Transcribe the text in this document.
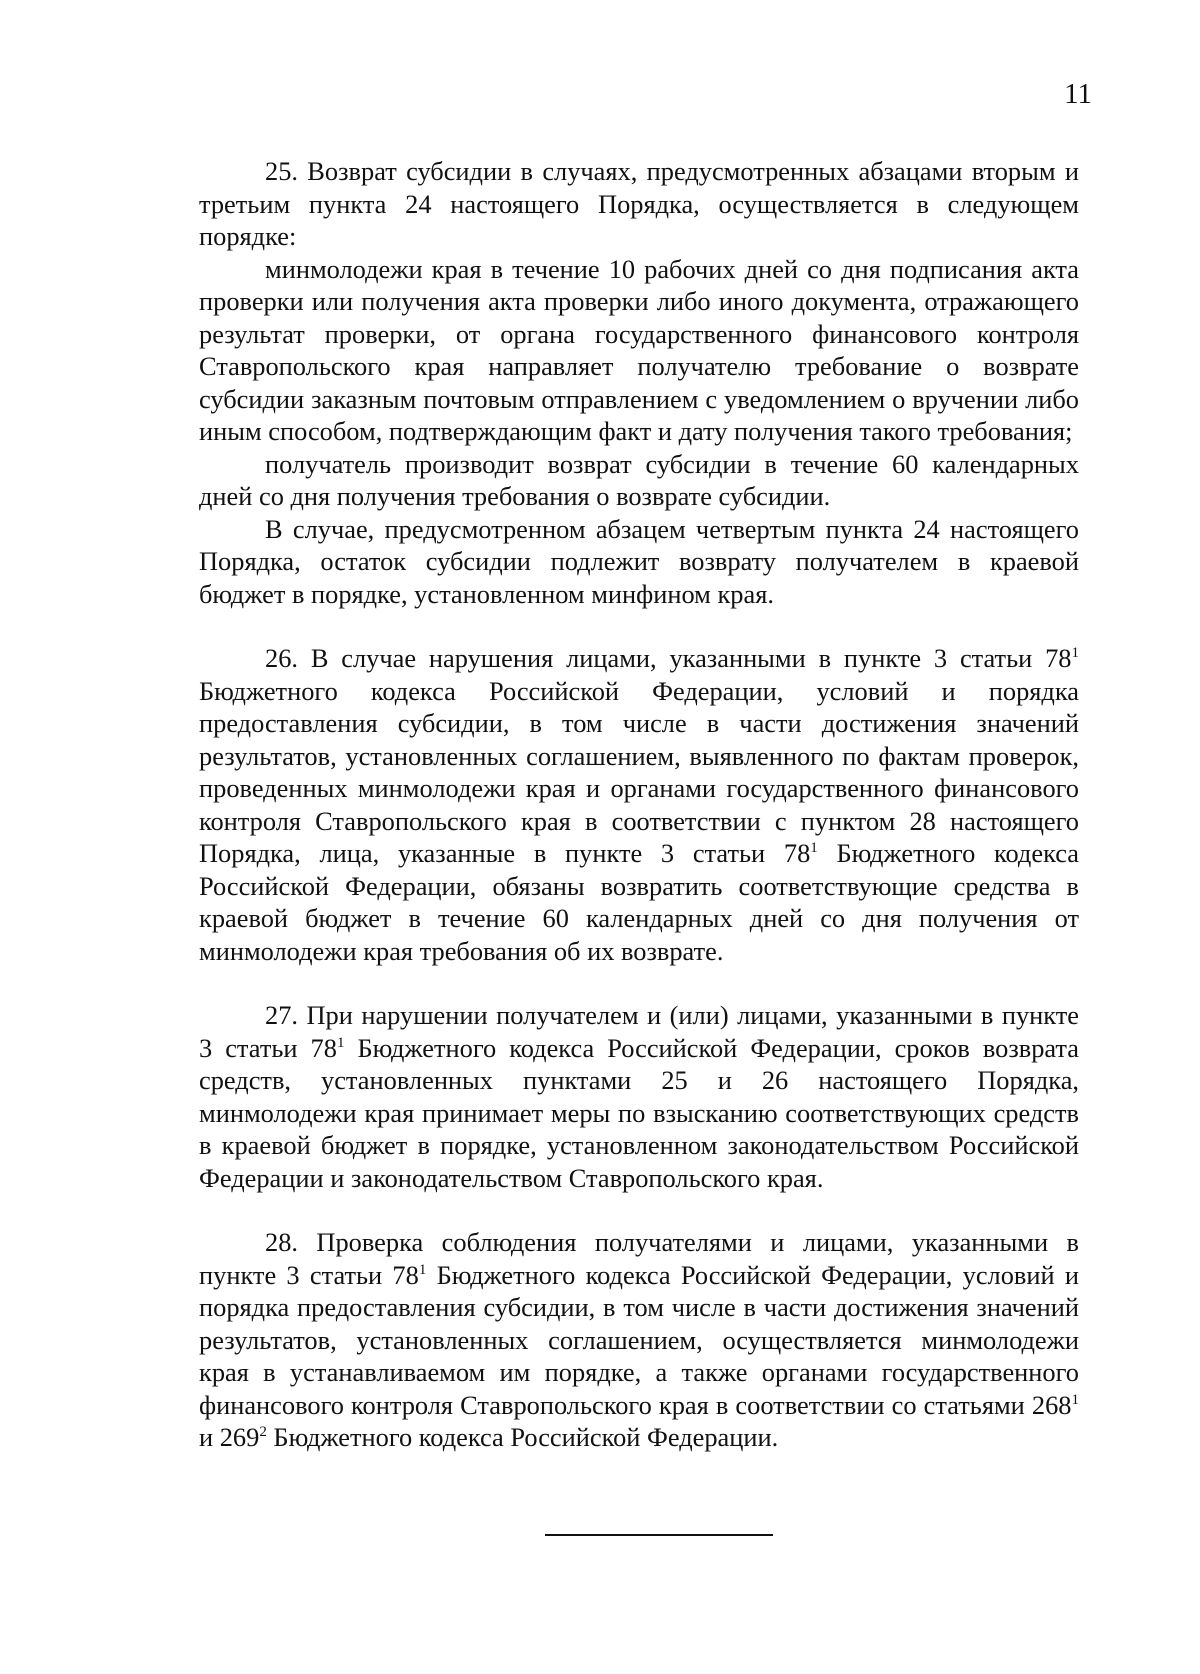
11

25. Возврат субсидии в случаях, предусмотренных абзацами вторым и третьим пункта 24 настоящего Порядка, осуществляется в следующем порядке:

минмолодежи края в течение 10 рабочих дней со дня подписания акта проверки или получения акта проверки либо иного документа, отражающего результат проверки, от органа государственного финансового контроля Ставропольского края направляет получателю требование о возврате субсидии заказным почтовым отправлением с уведомлением о вручении либо иным способом, подтверждающим факт и дату получения такого требования;

получатель производит возврат субсидии в течение 60 календарных дней со дня получения требования о возврате субсидии.

В случае, предусмотренном абзацем четвертым пункта 24 настоящего Порядка, остаток субсидии подлежит возврату получателем в краевой бюджет в порядке, установленном минфином края.

26. В случае нарушения лицами, указанными в пункте 3 статьи $78^1$ Бюджетного кодекса Российской Федерации, условий и порядка предоставления субсидии, в том числе в части достижения значений результатов, установленных соглашением, выявленного по фактам проверок, проведенных минмолодежи края и органами государственного финансового контроля Ставропольского края в соответствии с пунктом 28 настоящего Порядка, лица, указанные в пункте 3 статьи $78^1$ Бюджетного кодекса Российской Федерации, обязаны возвратить соответствующие средства в краевой бюджет в течение 60 календарных дней со дня получения от минмолодежи края требования об их возврате.

27. При нарушении получателем и (или) лицами, указанными в пункте 3 статьи $78^1$ Бюджетного кодекса Российской Федерации, сроков возврата средств, установленных пунктами 25 и 26 настоящего Порядка, минмолодежи края принимает меры по взысканию соответствующих средств в краевой бюджет в порядке, установленном законодательством Российской Федерации и законодательством Ставропольского края.

28. Проверка соблюдения получателями и лицами, указанными в пункте 3 статьи $78^1$ Бюджетного кодекса Российской Федерации, условий и порядка предоставления субсидии, в том числе в части достижения значений результатов, установленных соглашением, осуществляется минмолодежи края в устанавливаемом им порядке, а также органами государственного финансового контроля Ставропольского края в соответствии со статьями $268^1$ и $269^2$ Бюджетного кодекса Российской Федерации.
